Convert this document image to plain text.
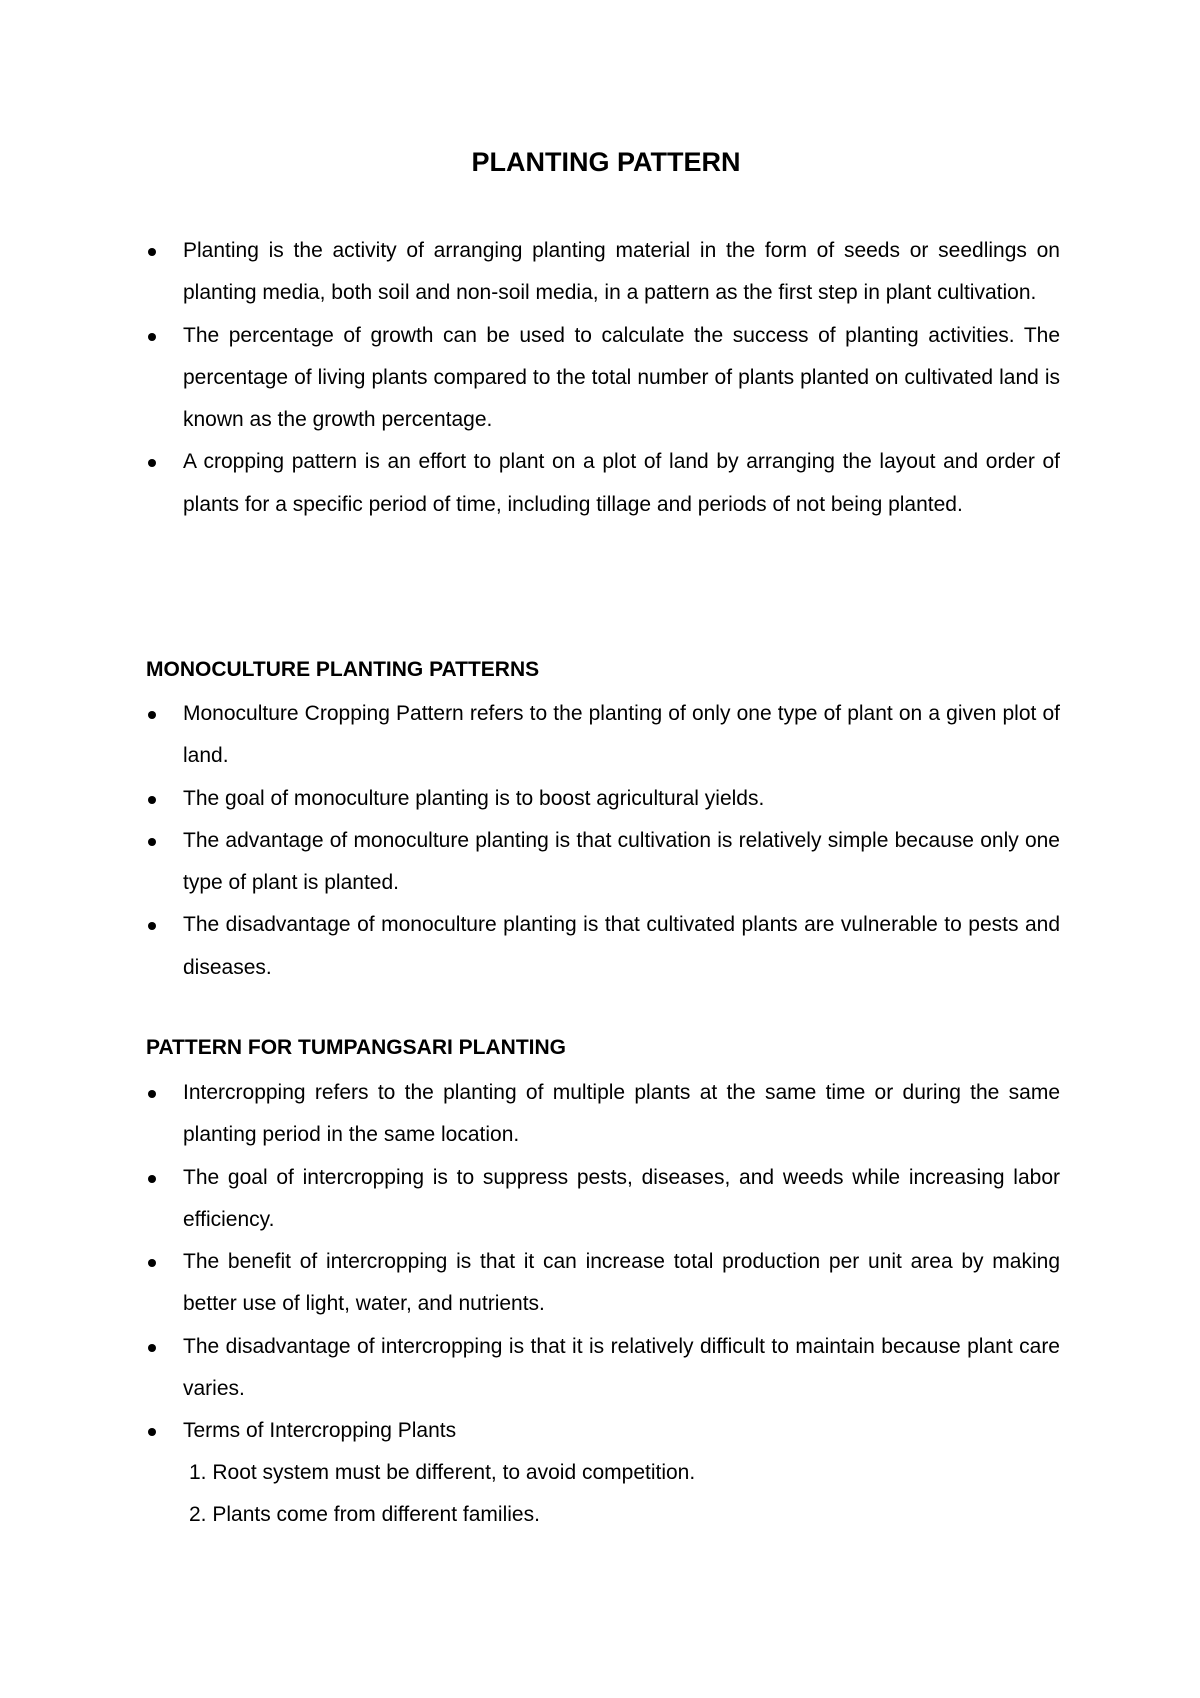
PLANTING PATTERN
Planting is the activity of arranging planting material in the form of seeds or seedlings on planting media, both soil and non-soil media, in a pattern as the first step in plant cultivation.
The percentage of growth can be used to calculate the success of planting activities. The percentage of living plants compared to the total number of plants planted on cultivated land is known as the growth percentage.
A cropping pattern is an effort to plant on a plot of land by arranging the layout and order of plants for a specific period of time, including tillage and periods of not being planted.
MONOCULTURE PLANTING PATTERNS
Monoculture Cropping Pattern refers to the planting of only one type of plant on a given plot of land.
The goal of monoculture planting is to boost agricultural yields.
The advantage of monoculture planting is that cultivation is relatively simple because only one type of plant is planted.
The disadvantage of monoculture planting is that cultivated plants are vulnerable to pests and diseases.
PATTERN FOR TUMPANGSARI PLANTING
Intercropping refers to the planting of multiple plants at the same time or during the same planting period in the same location.
The goal of intercropping is to suppress pests, diseases, and weeds while increasing labor efficiency.
The benefit of intercropping is that it can increase total production per unit area by making better use of light, water, and nutrients.
The disadvantage of intercropping is that it is relatively difficult to maintain because plant care varies.
Terms of Intercropping Plants
1. Root system must be different, to avoid competition.
2. Plants come from different families.
